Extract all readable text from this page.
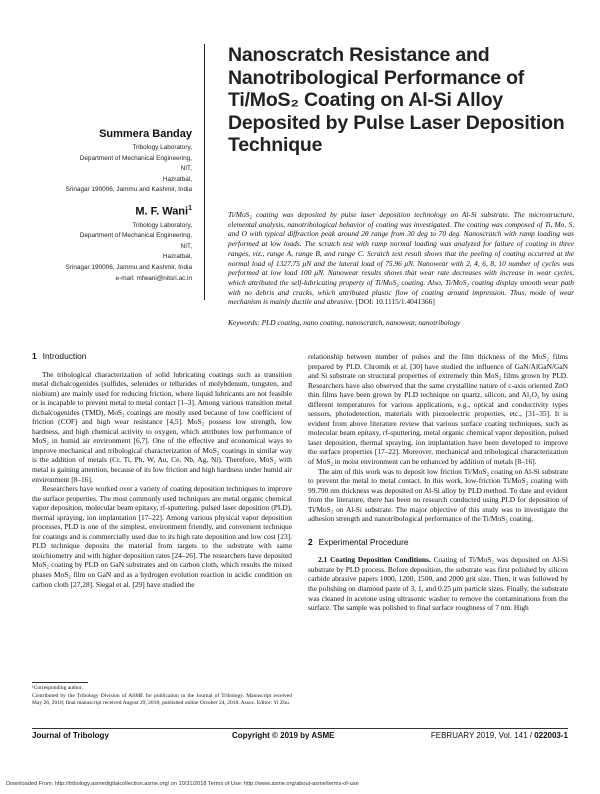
Nanoscratch Resistance and Nanotribological Performance of Ti/MoS₂ Coating on Al-Si Alloy Deposited by Pulse Laser Deposition Technique
Summera Banday
Tribology Laboratory,
Department of Mechanical Engineering,
NIT,
Hazratbal,
Srinagar 190006, Jammu and Kashmir, India
M. F. Wani$^1$
Tribology Laboratory,
Department of Mechanical Engineering,
NIT,
Hazratbal,
Srinagar 190006, Jammu and Kashmir, India
e-mail: mfwani@nitsri.ac.in
Ti/MoS₂ coating was deposited by pulse laser deposition technology on Al-Si substrate. The microstructure, elemental analysis, nanotribological behavior of coating was investigated. The coating was composed of Ti, Mo, S, and O with typical diffraction peak around 2θ range from 30 deg to 70 deg. Nanoscratch with ramp loading was performed at low loads. The scratch test with ramp normal loading was analyzed for failure of coating in three ranges, viz., range A, range B, and range C. Scratch test result shows that the peeling of coating occurred at the normal load of 1327.75 μN and the lateral load of 75.96 μN. Nanowear with 2, 4, 6, 8, 10 number of cycles was performed at low load 100 μN. Nanowear results shows that wear rate decreases with increase in wear cycles, which attributed the self-lubricating property of Ti/MoS₂ coating. Also, Ti/MoS₂ coating display smooth wear path with no debris and cracks, which attributed plastic flow of coating around impression. Thus, mode of wear mechanism is mainly ductile and abrasive. [DOI: 10.1115/1.4041366]
Keywords: PLD coating, nano coating, nanoscratch, nanowear, nanotribology
1 Introduction

The tribological characterization of solid lubricating coatings such as transition metal dichalcogenides (sulfides, selenides or tellurides of molybdenum, tungsten, and niobium) are mainly used for reducing friction, where liquid lubricants are not feasible or is incapable to prevent metal to metal contact [1–3]. Among various transition metal dichalcogenides (TMD), MoS₂ coatings are mostly used because of low coefficient of friction (COF) and high wear resistance [4,5]. MoS₂ possess low strength, low hardness, and high chemical activity to oxygen, which attributes low performance of MoS₂ in humid air environment [6,7]. One of the effective and economical ways to improve mechanical and tribological characterization of MoS₂ coatings in similar way is the addition of metals (Cr, Ti, Ph, W, Au, Ce, Nb, Ag, Ni). Therefore, MoS₂ with metal is gaining attention, because of its low friction and high hardness under humid air environment [8–16].

Researchers have worked over a variety of coating deposition techniques to improve the surface properties. The most commonly used techniques are metal organic chemical vapor deposition, molecular beam epitaxy, rf-sputtering, pulsed laser deposition (PLD), thermal spraying, ion implantation [17–22]. Among various physical vapor deposition processes, PLD is one of the simplest, environment friendly, and convenient technique for coatings and is commercially used due to its high rate deposition and low cost [23]. PLD technique deposits the material from targets to the substrate with same stoichiometry and with higher deposition rates [24–26]. The researchers have deposited MoS₂ coating by PLD on GaN substrates and on carbon cloth, which results the mixed phases MoS₂ film on GaN and as a hydrogen evolution reaction in acidic condition on carbon cloth [27,28]. Siegal et al. [29] have studied the

relationship between number of pulses and the film thickness of the MoS₂ films prepared by PLD. Chromik et al. [30] have studied the influence of GaN/AlGaN/GaN and Si substrate on structural properties of extremely thin MoS₂ films grown by PLD. Researchers have also observed that the same crystalline nature of c-axis oriented ZnO thin films have been grown by PLD technique on quartz, silicon, and Al₂O₃ by using different temperatures for various applications, e.g., optical and conductivity types sensors, photodetection, materials with piezoelectric properties, etc., [31–35]. It is evident from above literature review that various surface coating techniques, such as molecular beam epitaxy, rf-sputtering, metal organic chemical vapor deposition, pulsed laser deposition, thermal spraying, ion implantation have been developed to improve the surface properties [17–22]. Moreover, mechanical and tribological characterization of MoS₂ in moist environment can be enhanced by addition of metals [8–16].

The aim of this work was to deposit low friction Ti/MoS₂ coating on Al-Si substrate to prevent the metal to metal contact. In this work, low-friction Ti/MoS₂ coating with 99.790 nm thickness was deposited on Al-Si alloy by PLD method. To date and evident from the literature, there has been no research conducted using PLD for deposition of Ti/MoS₂ on Al-Si substrate. The major objective of this study was to investigate the adhesion strength and nanotribological performance of the Ti/MoS₂ coating.

2 Experimental Procedure

2.1 Coating Deposition Conditions. Coating of Ti/MoS₂ was deposited on Al-Si substrate by PLD process. Before deposition, the substrate was first polished by silicon carbide abrasive papers 1000, 1200, 1500, and 2000 grit size. Then, it was followed by the polishing on diamond paste of 3, 1, and 0.25 μm particle sizes. Finally, the substrate was cleaned in acetone using ultrasonic washer to remove the contaminations from the surface. The sample was polished to final surface roughness of 7 nm. High

¹Corresponding author.
Contributed by the Tribology Division of ASME for publication in the Journal of Tribology. Manuscript received May 26, 2018; final manuscript received August 29, 2018; published online October 24, 2018. Assoc. Editor: Yi Zhu.
Journal of Tribology	Copyright © 2019 by ASME	FEBRUARY 2019, Vol. 141 / 022003-1
Downloaded From: http://tribology.asmedigitalcollection.asme.org/ on 10/31/2018 Terms of Use: http://www.asme.org/about-asme/terms-of-use
